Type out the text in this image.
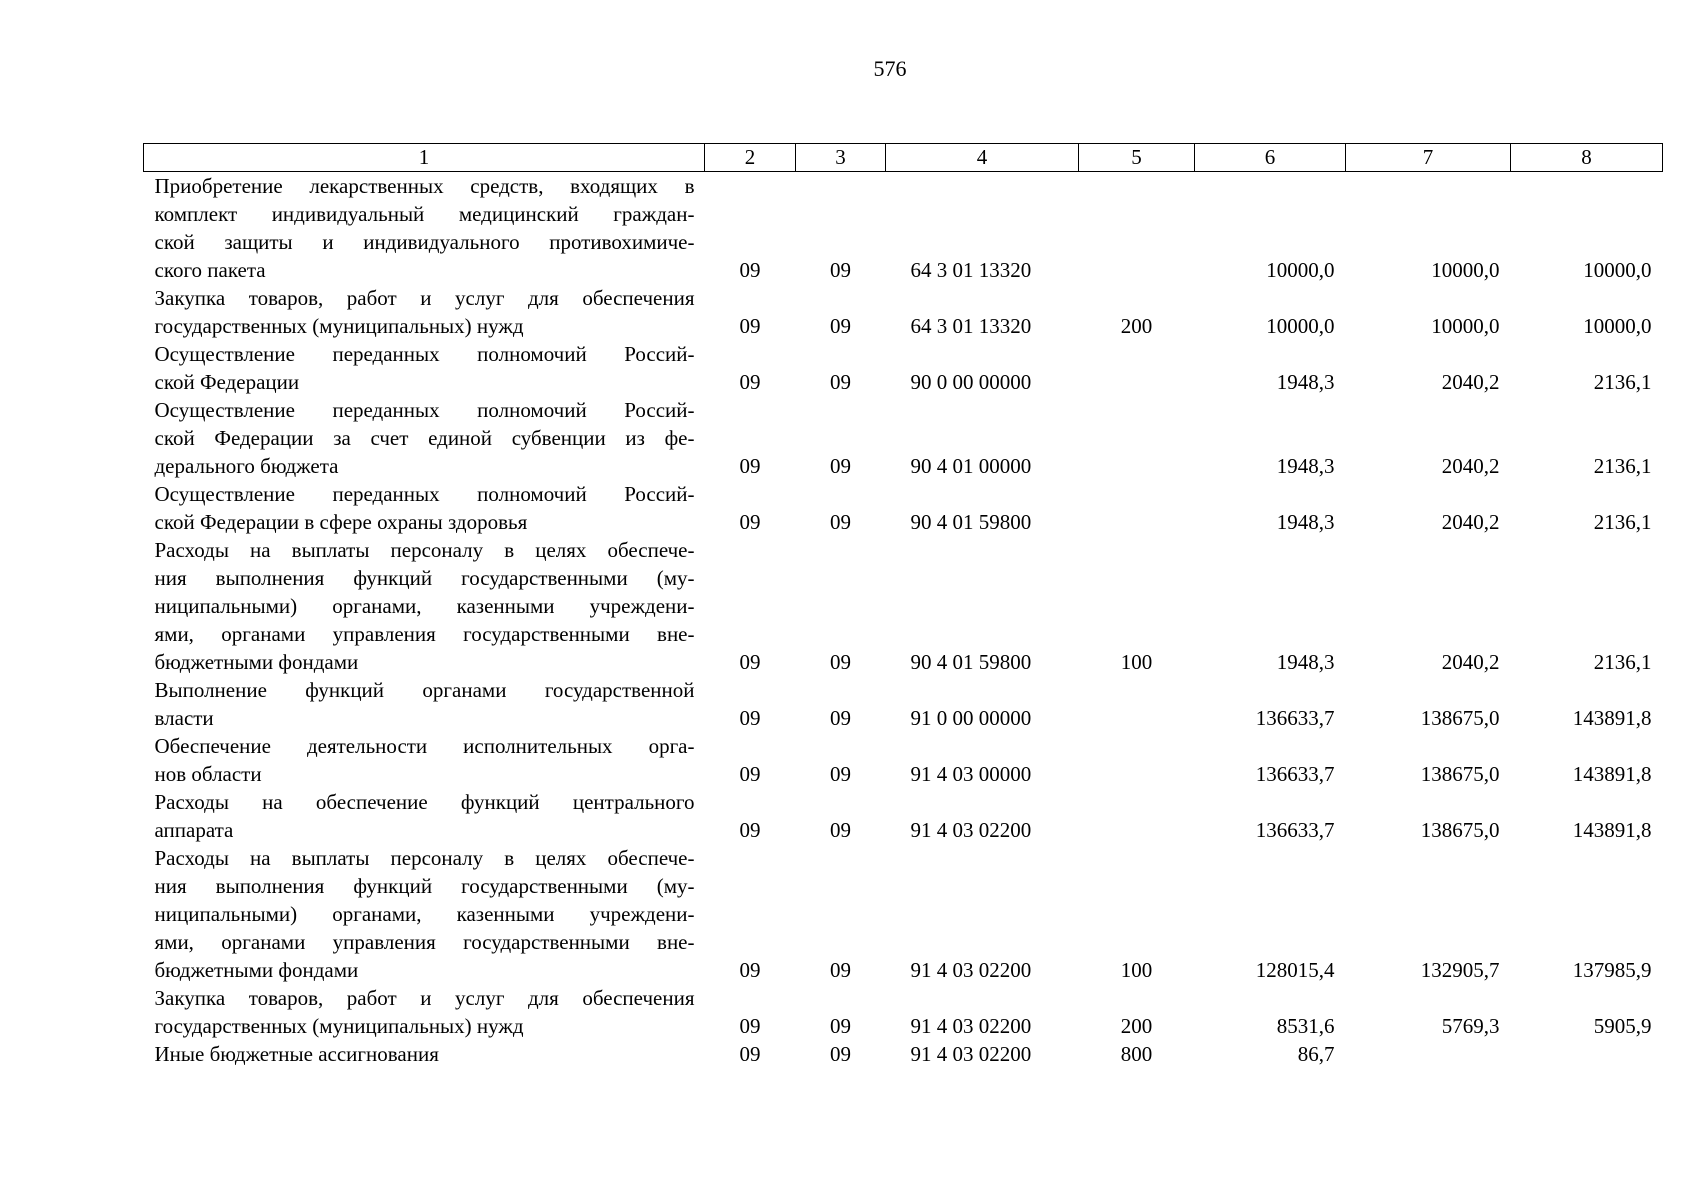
576
1	2	3	4	5	6	7	8

Приобретение лекарственных средств, входящих в
комплект индивидуальный медицинский граждан-
ской защиты и индивидуального противохимиче-
ского пакета	09	09	64 3 01 13320		10000,0	10000,0	10000,0

Закупка товаров, работ и услуг для обеспечения
государственных (муниципальных) нужд	09	09	64 3 01 13320	200	10000,0	10000,0	10000,0

Осуществление переданных полномочий Россий-
ской Федерации	09	09	90 0 00 00000		1948,3	2040,2	2136,1

Осуществление переданных полномочий Россий-
ской Федерации за счет единой субвенции из фе-
дерального бюджета	09	09	90 4 01 00000		1948,3	2040,2	2136,1

Осуществление переданных полномочий Россий-
ской Федерации в сфере охраны здоровья	09	09	90 4 01 59800		1948,3	2040,2	2136,1

Расходы на выплаты персоналу в целях обеспече-
ния выполнения функций государственными (му-
ниципальными) органами, казенными учреждени-
ями, органами управления государственными вне-
бюджетными фондами	09	09	90 4 01 59800	100	1948,3	2040,2	2136,1

Выполнение функций органами государственной
власти	09	09	91 0 00 00000		136633,7	138675,0	143891,8

Обеспечение деятельности исполнительных орга-
нов области	09	09	91 4 03 00000		136633,7	138675,0	143891,8

Расходы на обеспечение функций центрального
аппарата	09	09	91 4 03 02200		136633,7	138675,0	143891,8

Расходы на выплаты персоналу в целях обеспече-
ния выполнения функций государственными (му-
ниципальными) органами, казенными учреждени-
ями, органами управления государственными вне-
бюджетными фондами	09	09	91 4 03 02200	100	128015,4	132905,7	137985,9

Закупка товаров, работ и услуг для обеспечения
государственных (муниципальных) нужд	09	09	91 4 03 02200	200	8531,6	5769,3	5905,9

Иные бюджетные ассигнования	09	09	91 4 03 02200	800	86,7		
